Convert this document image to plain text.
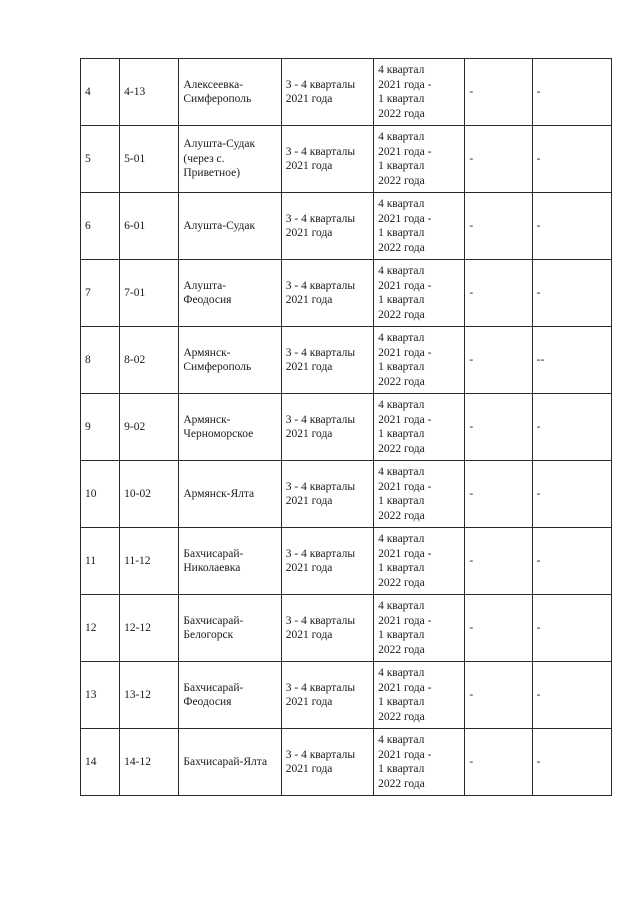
4	4-13	Алексеевка-
Симферополь	3 - 4 кварталы
2021 года	4 квартал
2021 года -
1 квартал
2022 года	-	-
5	5-01	Алушта-Судак
(через с.
Приветное)	3 - 4 кварталы
2021 года	4 квартал
2021 года -
1 квартал
2022 года	-	-
6	6-01	Алушта-Судак	3 - 4 кварталы
2021 года	4 квартал
2021 года -
1 квартал
2022 года	-	-
7	7-01	Алушта-
Феодосия	3 - 4 кварталы
2021 года	4 квартал
2021 года -
1 квартал
2022 года	-	-
8	8-02	Армянск-
Симферополь	3 - 4 кварталы
2021 года	4 квартал
2021 года -
1 квартал
2022 года	-	--
9	9-02	Армянск-
Черноморское	3 - 4 кварталы
2021 года	4 квартал
2021 года -
1 квартал
2022 года	-	-
10	10-02	Армянск-Ялта	3 - 4 кварталы
2021 года	4 квартал
2021 года -
1 квартал
2022 года	-	-
11	11-12	Бахчисарай-
Николаевка	3 - 4 кварталы
2021 года	4 квартал
2021 года -
1 квартал
2022 года	-	-
12	12-12	Бахчисарай-
Белогорск	3 - 4 кварталы
2021 года	4 квартал
2021 года -
1 квартал
2022 года	-	-
13	13-12	Бахчисарай-
Феодосия	3 - 4 кварталы
2021 года	4 квартал
2021 года -
1 квартал
2022 года	-	-
14	14-12	Бахчисарай-Ялта	3 - 4 кварталы
2021 года	4 квартал
2021 года -
1 квартал
2022 года	-	-
